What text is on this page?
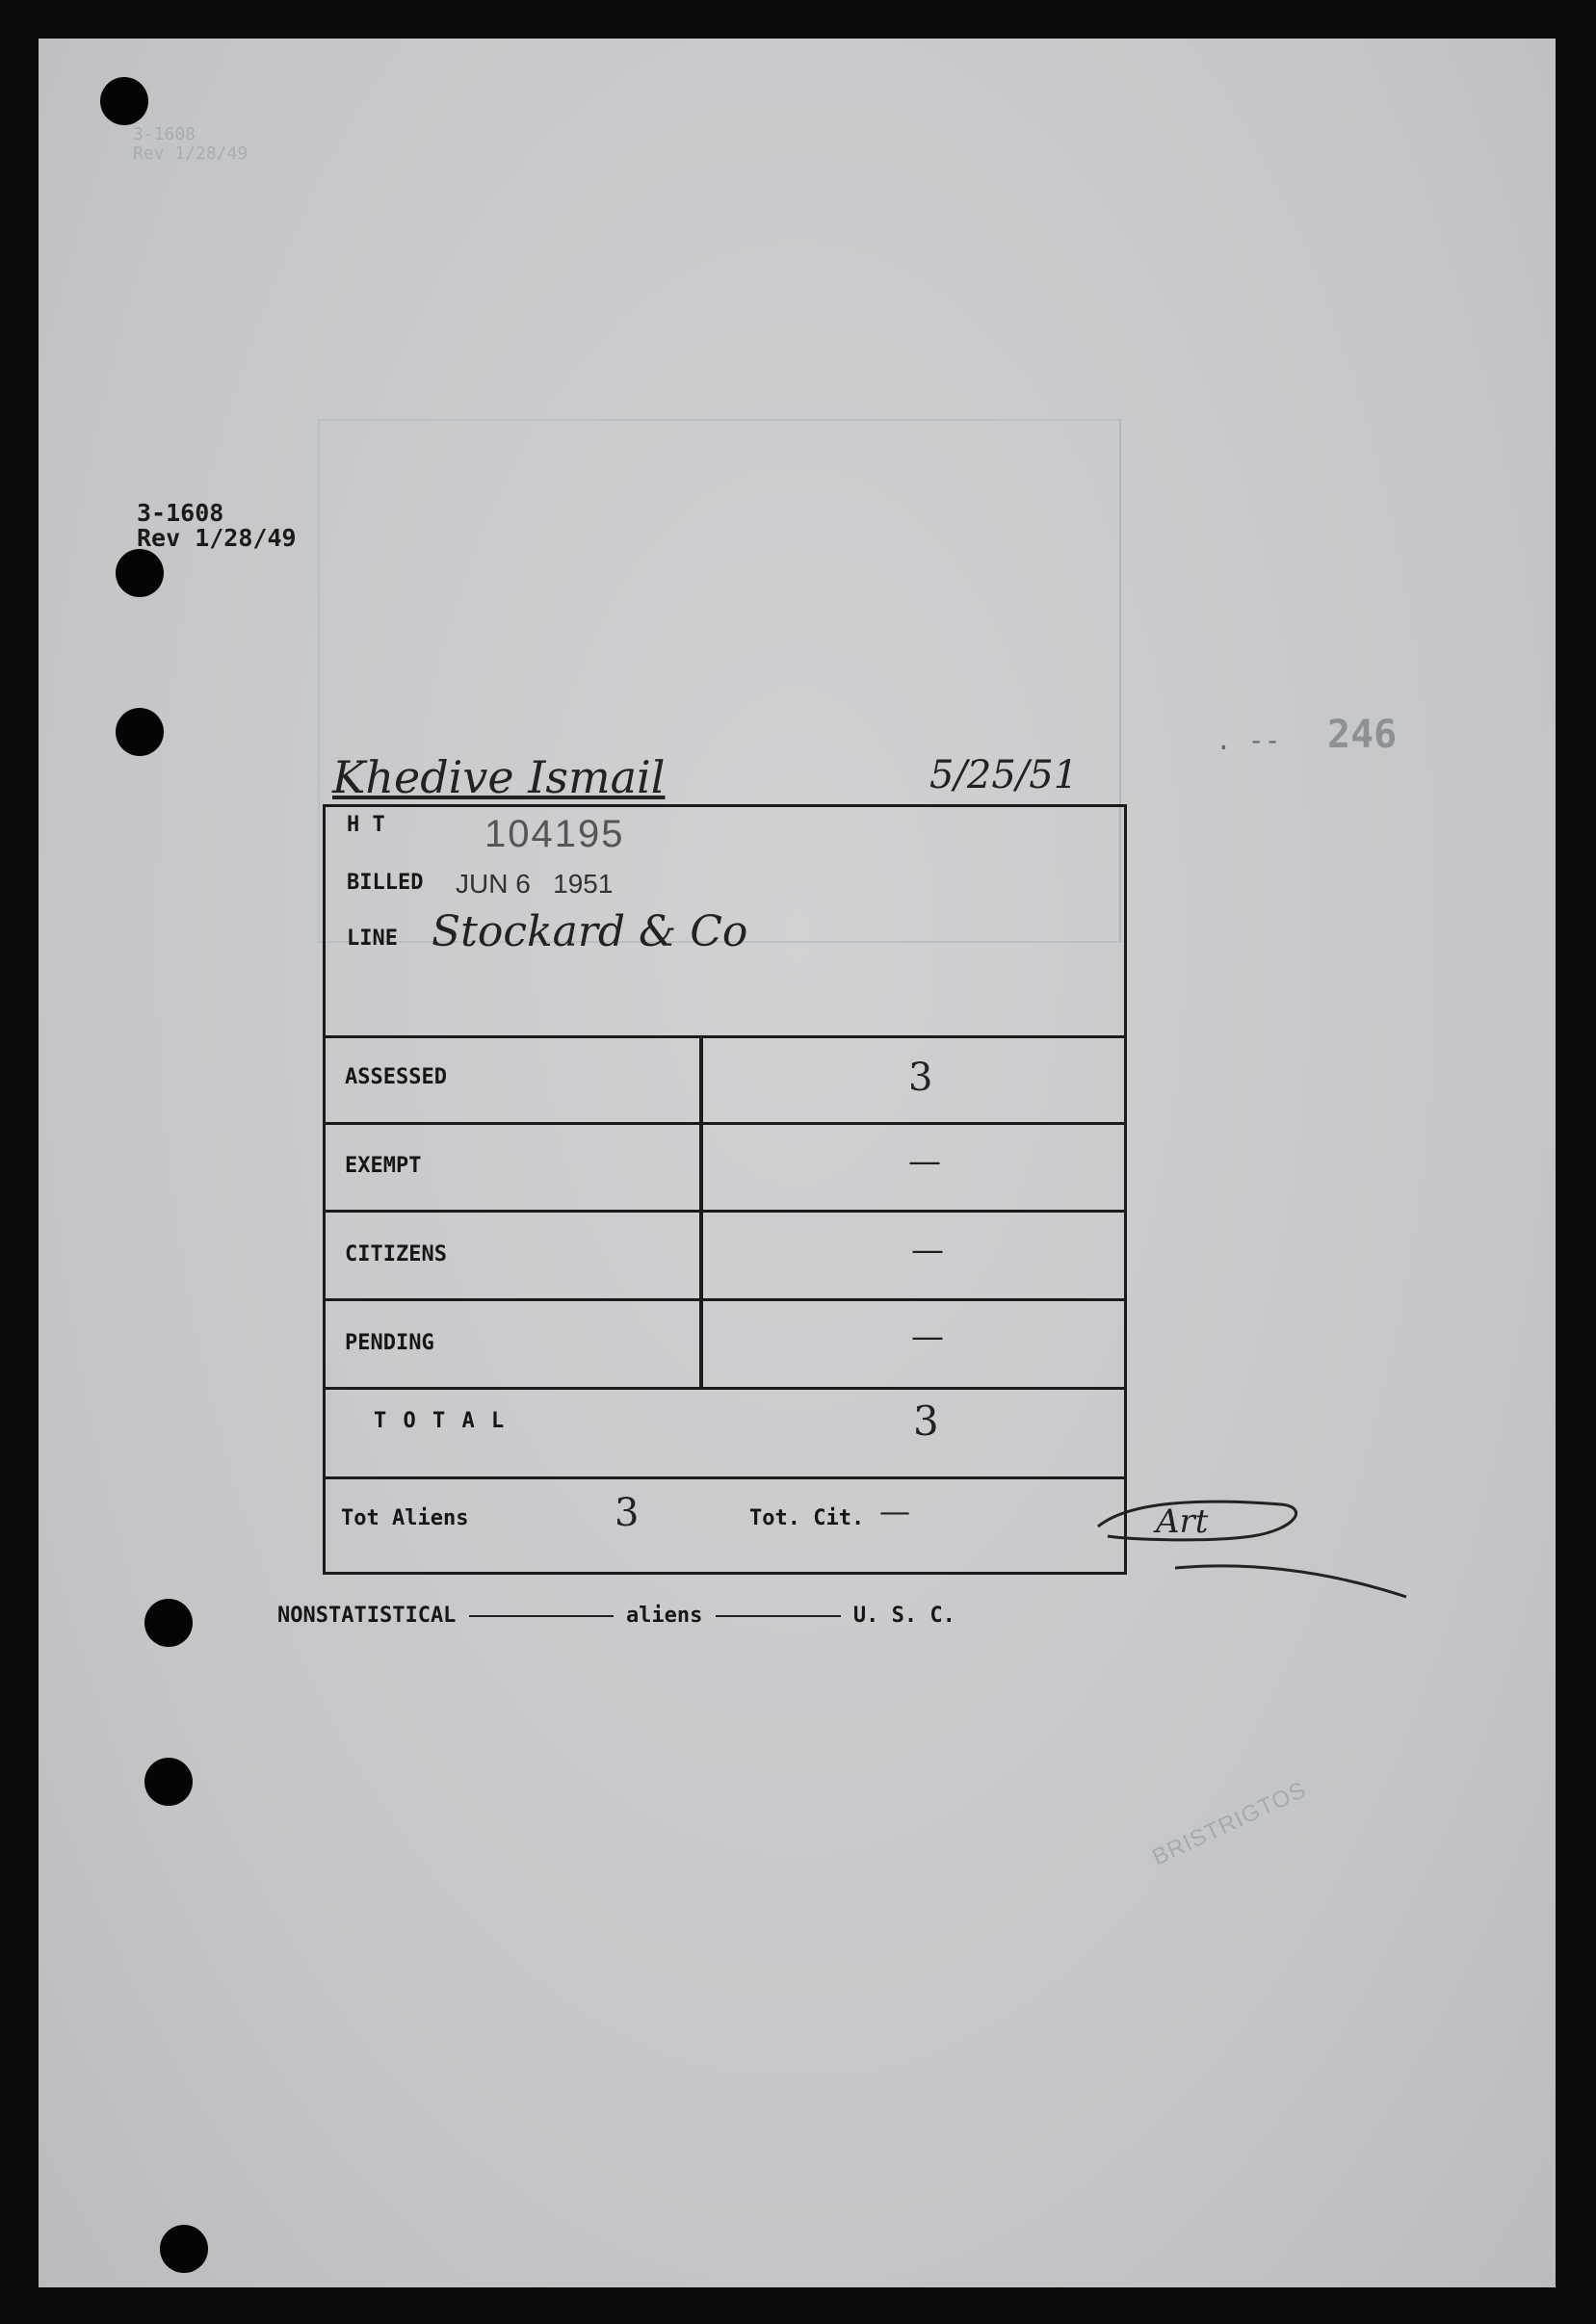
3-1608
Rev 1/28/49
3-1608
Rev 1/28/49
. -- 246
Khedive Ismail	5/25/51
H T	104195
BILLED JUN 6   1951
LINE Stockard & Co
ASSESSED	3
EXEMPT	—
CITIZENS	—
PENDING	—
T O T A L	3
Tot Aliens	3	Tot. Cit. —	Art
NONSTATISTICAL	aliens	U. S. C.
BRISTRIGTOS
